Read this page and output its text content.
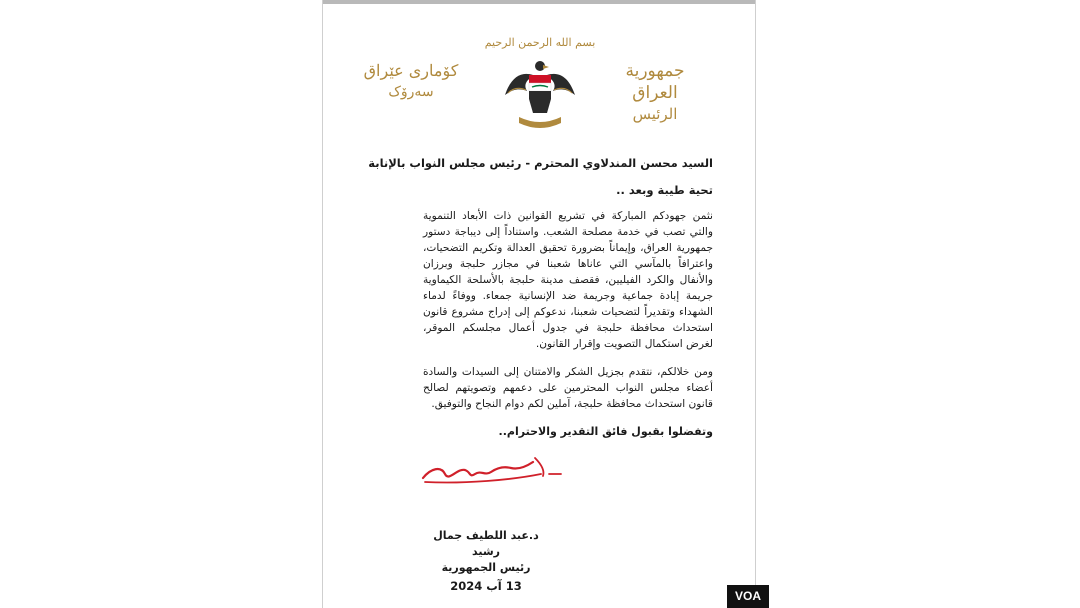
بسم الله الرحمن الرحيم
جمهورية العراق
الرئيس
كۆماری عێراق
سەرۆک

السيد محسن المندلاوي المحترم - رئيس مجلس النواب بالإنابة

تحية طيبة وبعد ..

نثمن جهودكم المباركة في تشريع القوانين ذات الأبعاد التنموية والتي تصب في خدمة مصلحة الشعب. واستناداً إلى ديباجة دستور جمهورية العراق، وإيماناً بضرورة تحقيق العدالة وتكريم التضحيات، واعترافاً بالمآسي التي عاناها شعبنا في مجازر حلبجة وبرزان والأنفال والكرد الفيليين، فقصف مدينة حلبجة بالأسلحة الكيماوية جريمة إبادة جماعية وجريمة ضد الإنسانية جمعاء. ووفاءً لدماء الشهداء وتقديراً لتضحيات شعبنا، ندعوكم إلى إدراج مشروع قانون استحداث محافظة حلبجة في جدول أعمال مجلسكم الموقر، لغرض استكمال التصويت وإقرار القانون.

ومن خلالكم، نتقدم بجزيل الشكر والامتنان إلى السيدات والسادة أعضاء مجلس النواب المحترمين على دعمهم وتصويتهم لصالح قانون استحداث محافظة حلبجة، آملين لكم دوام النجاح والتوفيق.

وتفضلوا بقبول فائق التقدير والاحترام..

د.عبد اللطيف جمال رشيد
رئيس الجمهورية
13 آب 2024
VOA
